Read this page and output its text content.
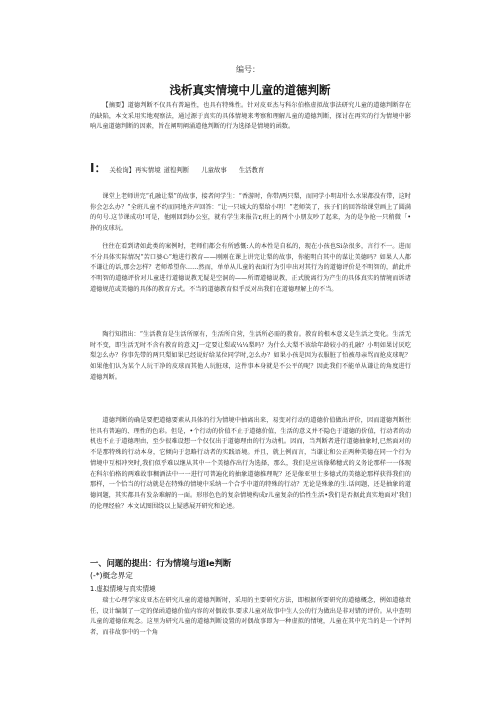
编号：
浅析真实情境中儿童的道德判断

【摘要】道德判断不仅具有普遍性，也具有特殊性。针对皮亚杰与科尔伯格虚拟故事法研究儿童的道德判断存在的缺陷，本文采用实地观察法，通过源于真实的具体情境来考察和理解儿童的道德判断，探讨在再实的行为情境中影响儿童道德判断的因素，旨在阐明阐涌道他判断的行为选择是情境的函数。

I： 关检询】再实情境 道徨判断 儿童故事 生活教育

课堂上老师讲完“孔融让梨”的故事，接者问学生：“香游时，你带/两只梨，而同学小明却什么水果都没有带，这时你会怎么办？”全班儿童不约而同地齐声回答：“让一只城大的梨给小明！”老师笑了，孩子们的回答给课堂画上了圆满的句号.这节课成功!可是，他刚回到办公室，就有学生来报告r,班上的两个小朋友吵了起来，为的是争抢一只稍微「•挣的皮球玩。

往往在看到诸如此类的案例时，老师们都会有所感慨:人的本性是自私的，现在小孩也Si杂很多，言行不一。进而不分具体实际情况“苦口婆心”地进行教育——刚刚在课上讲完让梨的故事，你能明白其中的谋让美德吗？如果人人都不谦让的话,那会怎样？老师希望你……然而，单单从儿童的表面行为引申出对其行为的道德评价是不明智的，薪此并不明智的道德评价对儿童进行道德说教无疑是空洞的——所谓道德说教，正式脱离行为产生的具体真实的情境而诉诸道德规范或美德的具体的教育方式。不当的道德教育似乎反对出我们在道德理解上的不当。

陶行知指出：“生活教育是生活所原有，生活所自营，生活所必需的教育。教育的根本意义是生活之变化。生活无时不变，即生活无时不含有教育的意义J一定要让梨或¼¼梨吗？为什么大梨不该给年龄较小的孔融？小明如果讨厌吃梨怎么办？你事先带的两只梨如果已经说好给某位同学时,怎么办？如果小孩是因为衣服脏了怕被母亲骂而抢皮球呢？如果他们认为某个人玩干净的皮球而其他人玩脏球，这件事本身就是不公平的呢？因此我们不能单从谦让的角度进行道德判断。

道德判断的确是要把道德要素从具体的行为情境中抽离出来，易变对行动的道德价值做出评价，因而道德判断往往具有普遍的、理性的色彩。但是，•个行动的价值不止于道德价值，生活的意义并不隐色于道德的价值，行动者的动机也不止于道德理由，至少很难设想一个仅仅出于道德理由的行为动机。因而，当判断者进行道德抽象时,已然面对的不是那特殊的行动本身，它倾向于忽略行动者的实践语境。并且，就上例而言，当谦让和公正两种美德在同一个行为情境中互相冲突时,我们似乎难以继从其中一个美德作出行为选择，那么，我们是应该像稀穗式的义务论那样一一体现在科尔伯格的两难故事稠酒法中一一进行可普遍化的抽象道德推理呢？还是像亚里士多德式的美德论那样获得我们的那样，一个恰当的行动就是在特殊的情境中采纳一个合乎中道的特殊的行动？无论是殊象的生.话问题，还是抽象的道德问题，其实都具有发杂难解的一面。形形色色的复杂情境构成r儿童复杂的恰性生活•我们是否据此真实地面对'我们的伦理经验？本文试图围绕以上疑惑展开研究和论述。

一、问题的提出：行为情境与道le判断
(-*)概念界定
1.虚拟情境与真实情境

瑞士心理学家皮亚杰在研究儿童的道德判断时，采用的主要研究方法，即根据所要研究的道德概念，例如道德责任，设计编制了一定的保函道德价值内容的对偶故事.要求儿童对故事中生人公的行为做出是非对错的评价。从中查明儿童的道德依观念。这里为研究儿童的道德判断设置的对偶故事即为一种虚拟的情境，儿童在其中充当的是一个评判者，而非故事中的一个角
